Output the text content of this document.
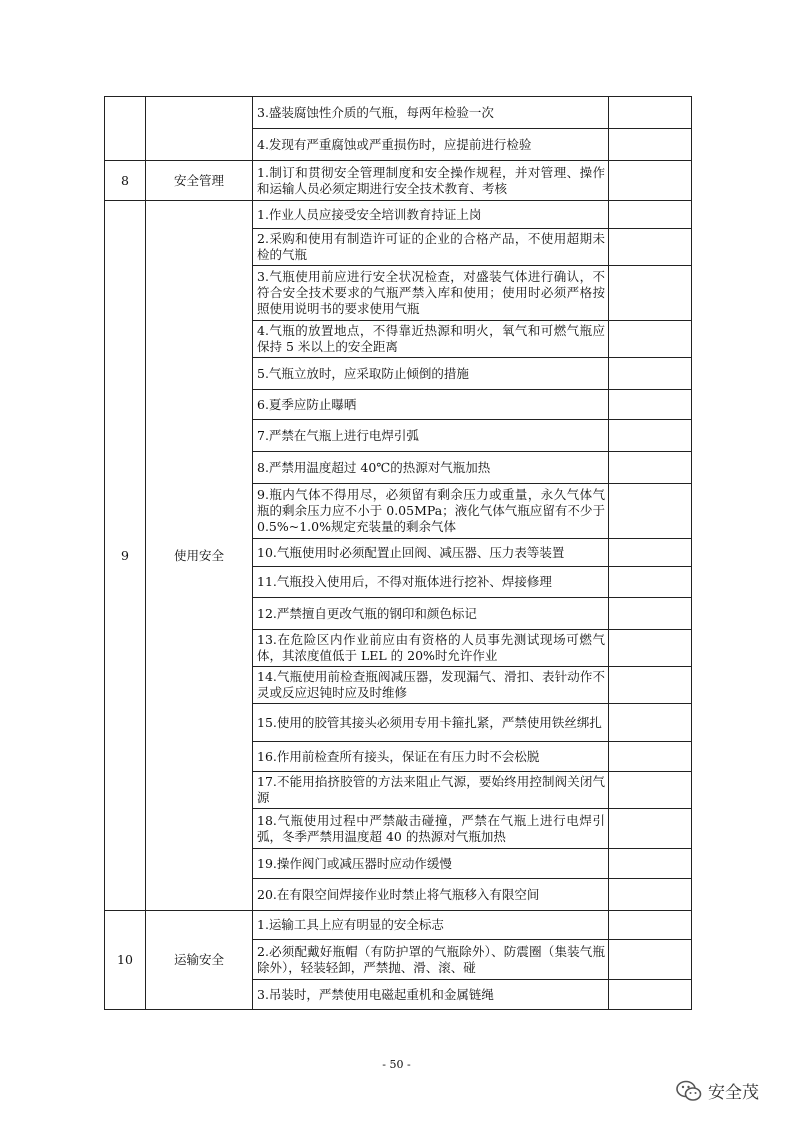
		3.盛装腐蚀性介质的气瓶，每两年检验一次	
		4.发现有严重腐蚀或严重损伤时，应提前进行检验	
8	安全管理	1.制订和贯彻安全管理制度和安全操作规程，并对管理、操作和运输人员必须定期进行安全技术教育、考核	
9	使用安全	1.作业人员应接受安全培训教育持证上岗	
		2.采购和使用有制造许可证的企业的合格产品，不使用超期未检的气瓶	
		3.气瓶使用前应进行安全状况检查，对盛装气体进行确认，不符合安全技术要求的气瓶严禁入库和使用；使用时必须严格按照使用说明书的要求使用气瓶	
		4.气瓶的放置地点，不得靠近热源和明火，氧气和可燃气瓶应保持 5 米以上的安全距离	
		5.气瓶立放时，应采取防止倾倒的措施	
		6.夏季应防止曝晒	
		7.严禁在气瓶上进行电焊引弧	
		8.严禁用温度超过 40℃的热源对气瓶加热	
		9.瓶内气体不得用尽，必须留有剩余压力或重量，永久气体气瓶的剩余压力应不小于 0.05MPa；液化气体气瓶应留有不少于 0.5%~1.0%规定充装量的剩余气体	
		10.气瓶使用时必须配置止回阀、减压器、压力表等装置	
		11.气瓶投入使用后，不得对瓶体进行挖补、焊接修理	
		12.严禁擅自更改气瓶的钢印和颜色标记	
		13.在危险区内作业前应由有资格的人员事先测试现场可燃气体，其浓度值低于 LEL 的 20%时允许作业	
		14.气瓶使用前检查瓶阀减压器，发现漏气、滑扣、表针动作不灵或反应迟钝时应及时维修	
		15.使用的胶管其接头必须用专用卡箍扎紧，严禁使用铁丝绑扎	
		16.作用前检查所有接头，保证在有压力时不会松脱	
		17.不能用掐挤胶管的方法来阻止气源，要始终用控制阀关闭气源	
		18.气瓶使用过程中严禁敲击碰撞，严禁在气瓶上进行电焊引弧，冬季严禁用温度超 40 的热源对气瓶加热	
		19.操作阀门或减压器时应动作缓慢	
		20.在有限空间焊接作业时禁止将气瓶移入有限空间	
10	运输安全	1.运输工具上应有明显的安全标志	
		2.必须配戴好瓶帽（有防护罩的气瓶除外）、防震圈（集装气瓶除外），轻装轻卸，严禁抛、滑、滚、碰	
		3.吊装时，严禁使用电磁起重机和金属链绳	
- 50 -
安全茂
